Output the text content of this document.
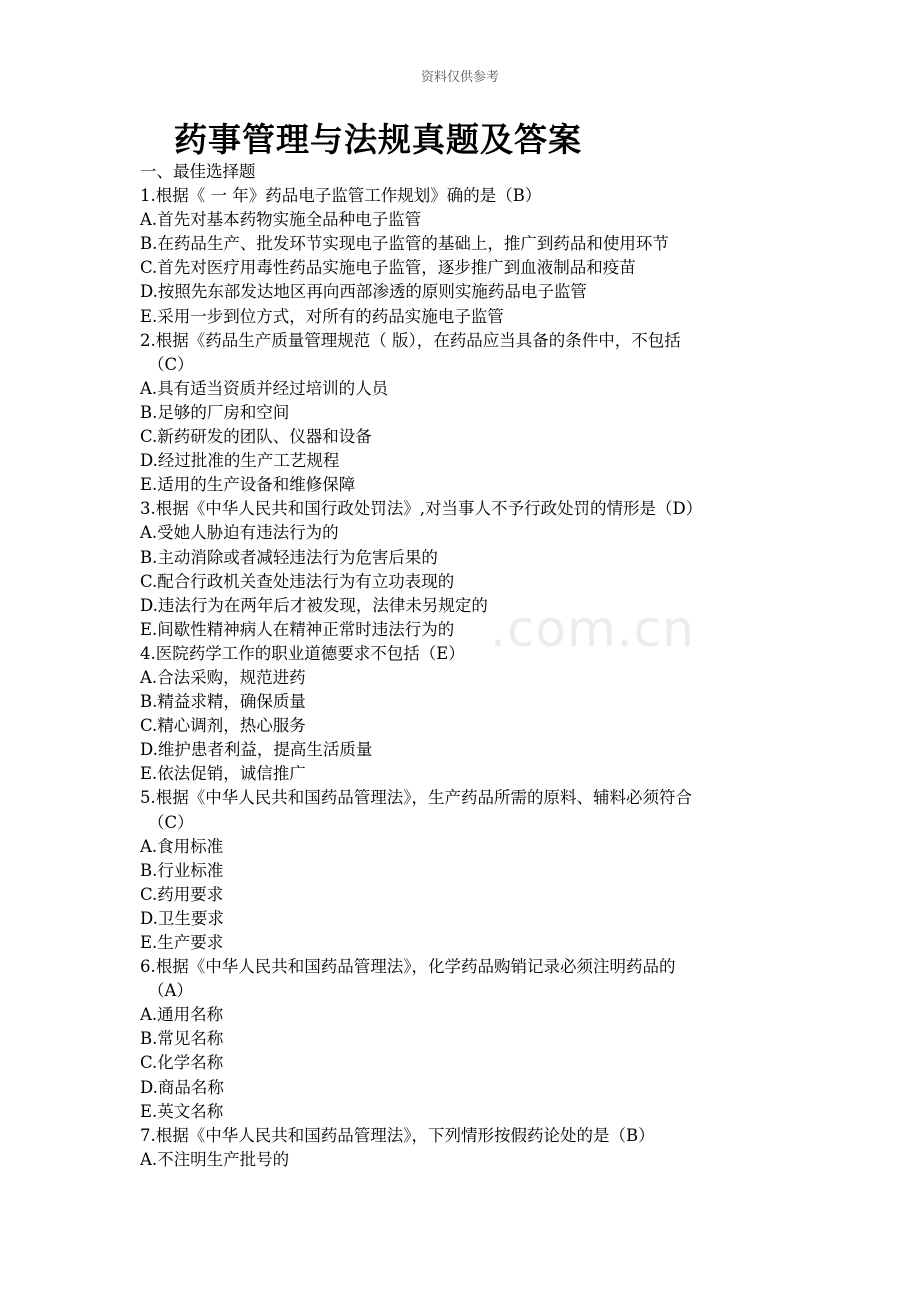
资料仅供参考
药事管理与法规真题及答案
.com.cn
一、最佳选择题
1.根据《 一 年》药品电子监管工作规划》确的是（B）
A.首先对基本药物实施全品种电子监管
B.在药品生产、批发环节实现电子监管的基础上，推广到药品和使用环节
C.首先对医疗用毒性药品实施电子监管，逐步推广到血液制品和疫苗
D.按照先东部发达地区再向西部渗透的原则实施药品电子监管
E.采用一步到位方式，对所有的药品实施电子监管
2.根据《药品生产质量管理规范（ 版），在药品应当具备的条件中，不包括
（C）
A.具有适当资质并经过培训的人员
B.足够的厂房和空间
C.新药研发的团队、仪器和设备
D.经过批准的生产工艺规程
E.适用的生产设备和维修保障
3.根据《中华人民共和国行政处罚法》,对当事人不予行政处罚的情形是（D）
A.受她人胁迫有违法行为的
B.主动消除或者减轻违法行为危害后果的
C.配合行政机关查处违法行为有立功表现的
D.违法行为在两年后才被发现，法律未另规定的
E.间歇性精神病人在精神正常时违法行为的
4.医院药学工作的职业道德要求不包括（E）
A.合法采购，规范进药
B.精益求精，确保质量
C.精心调剂，热心服务
D.维护患者利益，提高生活质量
E.依法促销，诚信推广
5.根据《中华人民共和国药品管理法》，生产药品所需的原料、辅料必须符合
（C）
A.食用标准
B.行业标准
C.药用要求
D.卫生要求
E.生产要求
6.根据《中华人民共和国药品管理法》，化学药品购销记录必须注明药品的
（A）
A.通用名称
B.常见名称
C.化学名称
D.商品名称
E.英文名称
7.根据《中华人民共和国药品管理法》，下列情形按假药论处的是（B）
A.不注明生产批号的
